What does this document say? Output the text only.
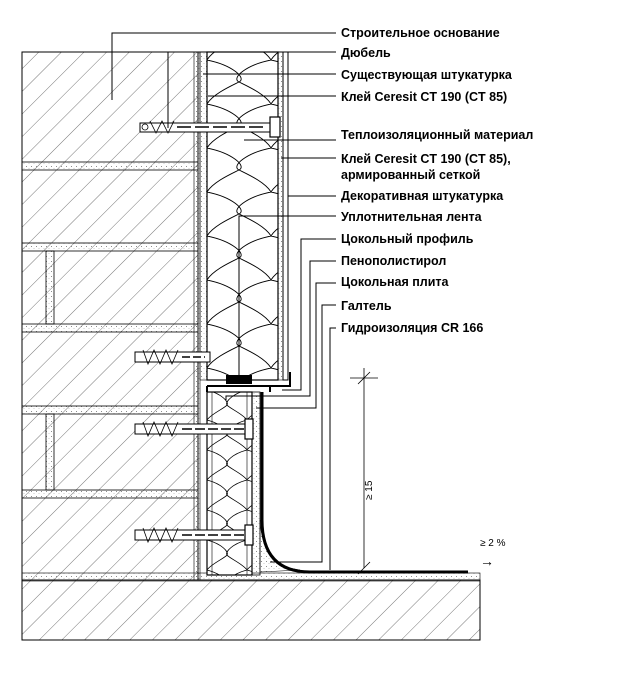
≥ 15
≥ 2 %
→
Строительное основание
Дюбель
Существующая штукатурка
Клей Ceresit CT 190 (CT 85)
Теплоизоляционный материал
Клей Ceresit CT 190 (CT 85),
армированный сеткой
Декоративная штукатурка
Уплотнительная лента
Цокольный профиль
Пенополистирол
Цокольная плита
Галтель
Гидроизоляция CR 166
